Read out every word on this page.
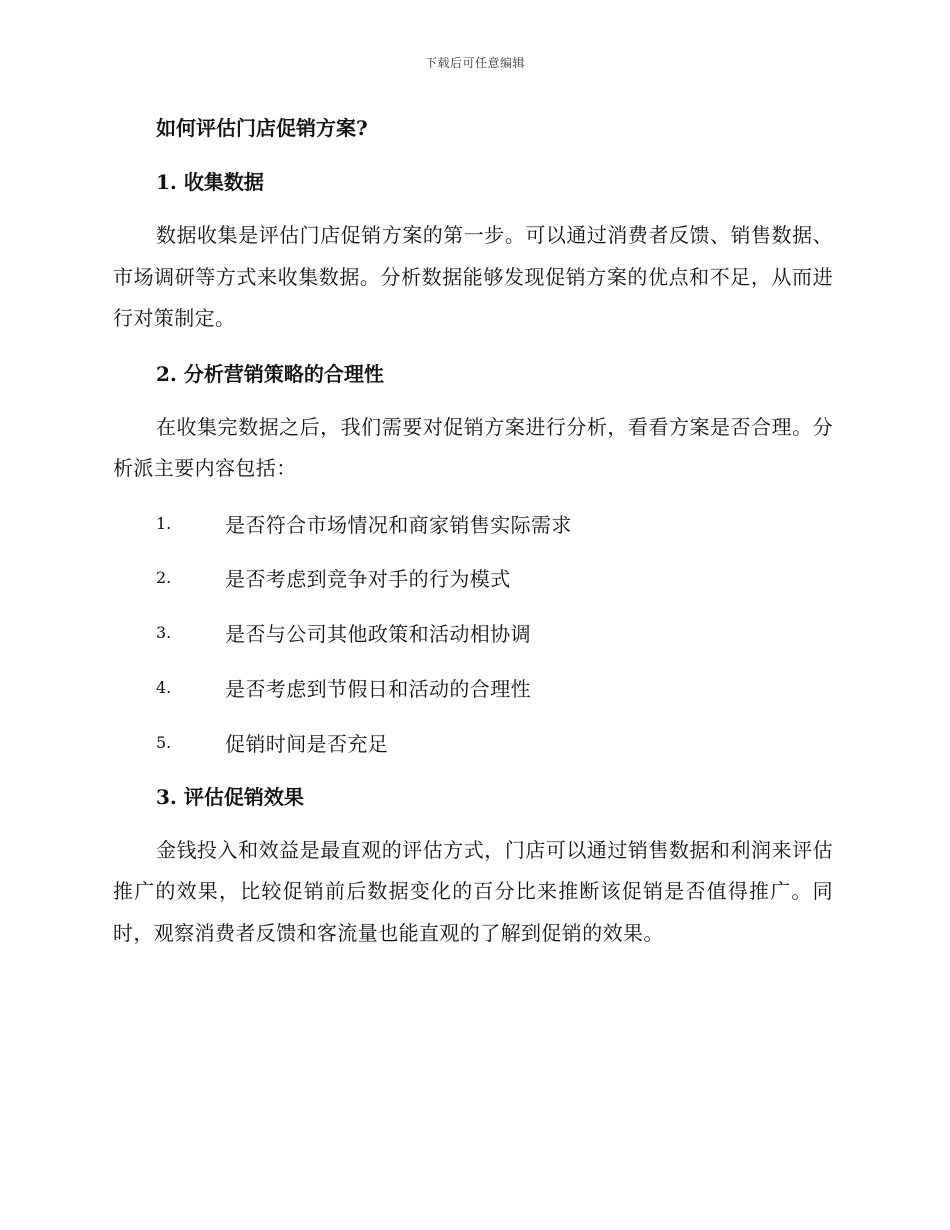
下载后可任意编辑
如何评估门店促销方案?
1. 收集数据

数据收集是评估门店促销方案的第一步。可以通过消费者反馈、销售数据、市场调研等方式来收集数据。分析数据能够发现促销方案的优点和不足，从而进行对策制定。

2. 分析营销策略的合理性

在收集完数据之后，我们需要对促销方案进行分析，看看方案是否合理。分析派主要内容包括：

1.	是否符合市场情况和商家销售实际需求
2.	是否考虑到竞争对手的行为模式
3.	是否与公司其他政策和活动相协调
4.	是否考虑到节假日和活动的合理性
5.	促销时间是否充足
3. 评估促销效果

金钱投入和效益是最直观的评估方式，门店可以通过销售数据和利润来评估推广的效果，比较促销前后数据变化的百分比来推断该促销是否值得推广。同时，观察消费者反馈和客流量也能直观的了解到促销的效果。
